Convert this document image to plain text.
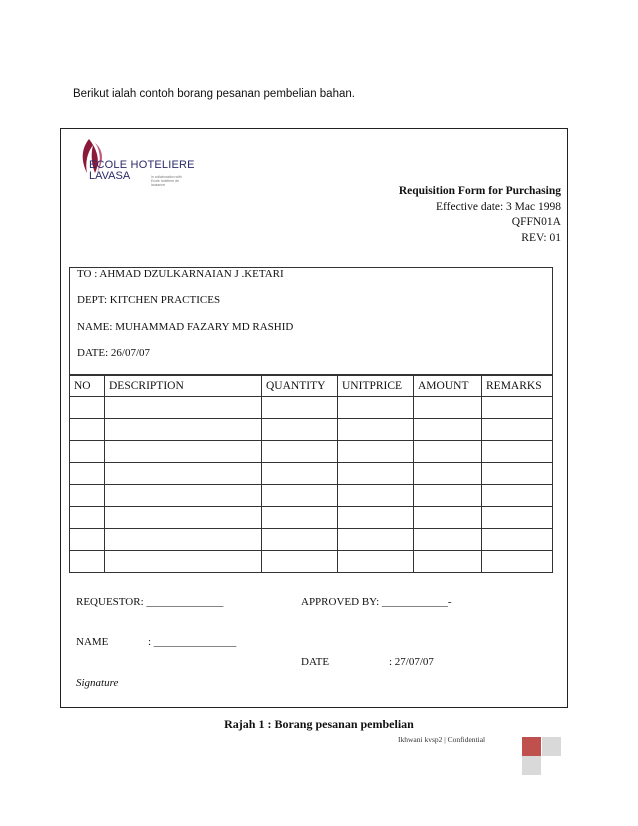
Berikut ialah contoh borang pesanan pembelian bahan.
ECOLE HOTELIERE
LAVASA	in collaboration with Ecole hoteliere de lausanne	Requisition Form for Purchasing
Effective date: 3 Mac 1998
QFFN01A
REV: 01
TO : AHMAD DZULKARNAIAN J .KETARI
DEPT: KITCHEN PRACTICES
NAME: MUHAMMAD FAZARY MD RASHID
DATE: 26/07/07
NO	DESCRIPTION	QUANTITY	UNITPRICE	AMOUNT	REMARKS

REQUESTOR: ______________	APPROVED BY: ____________-
NAME	: _______________
DATE	: 27/07/07
Signature
Rajah 1 : Borang pesanan pembelian
Ikhwani kvsp2 | Confidential
